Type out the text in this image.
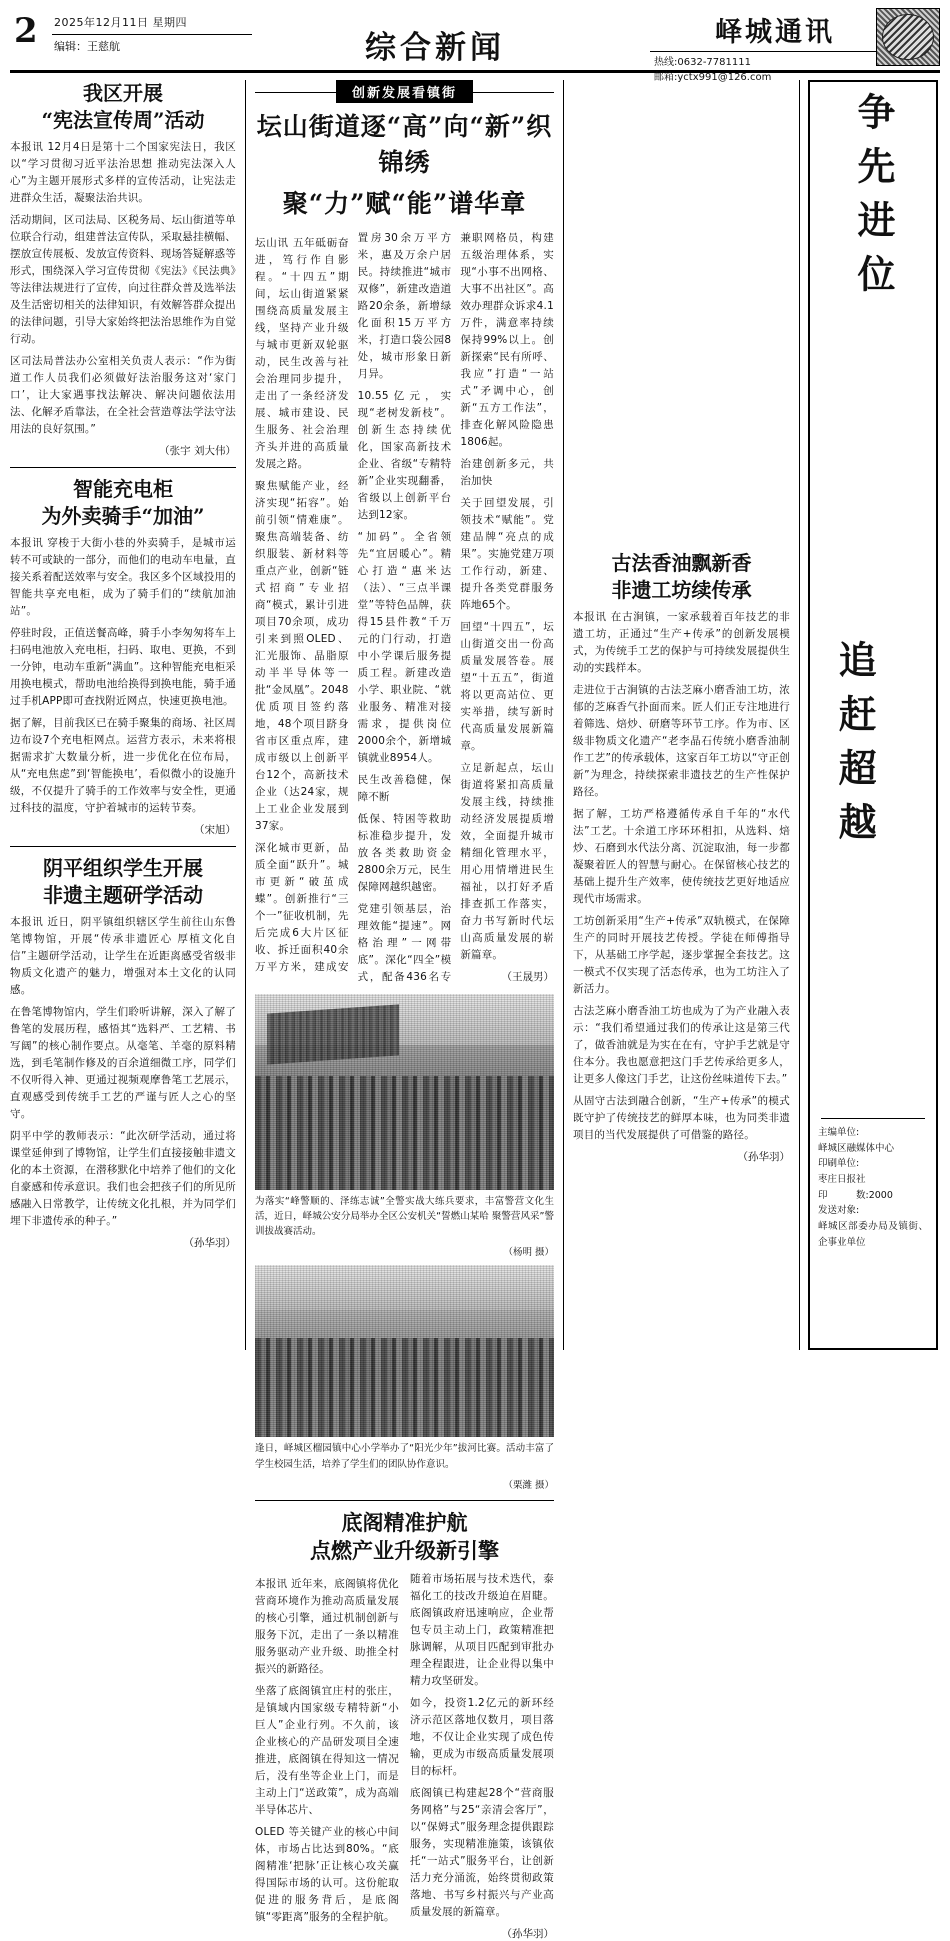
2 2025年12月11日 星期四
编辑：王慈航	综合新闻	峄城通讯
热线:0632-7781111
邮箱:yctx991@126.com
我区开展
“宪法宣传周”活动

本报讯 12月4日是第十二个国家宪法日，我区以“学习贯彻习近平法治思想 推动宪法深入人心”为主题开展形式多样的宣传活动，让宪法走进群众生活，凝聚法治共识。

活动期间，区司法局、区税务局、坛山街道等单位联合行动，组建普法宣传队，采取悬挂横幅、摆放宣传展板、发放宣传资料、现场答疑解惑等形式，围绕深入学习宣传贯彻《宪法》《民法典》等法律法规进行了宣传，向过往群众普及选举法及生活密切相关的法律知识，有效解答群众提出的法律问题，引导大家始终把法治思维作为自觉行动。

区司法局普法办公室相关负责人表示：“作为街道工作人员我们必须做好法治服务这对‘家门口’，让大家遇事找法解决、解决问题依法用法、化解矛盾靠法，在全社会营造尊法学法守法用法的良好氛围。”

（张宇 刘大伟）
智能充电柜
为外卖骑手“加油”

本报讯 穿梭于大街小巷的外卖骑手，是城市运转不可或缺的一部分，而他们的电动车电量，直接关系着配送效率与安全。我区多个区域投用的智能共享充电柜，成为了骑手们的“续航加油站”。

停驻时段，正值送餐高峰，骑手小李匆匆将车上扫码电池放入充电柜，扫码、取电、更换，不到一分钟，电动车重新“满血”。这种智能充电柜采用换电模式，帮助电池给换得到换电能，骑手通过手机APP即可查找附近网点，快速更换电池。

据了解，目前我区已在骑手聚集的商场、社区周边布设7个充电柜网点。运营方表示，未来将根据需求扩大数量分析，进一步优化在位布局，从“充电焦虑”到‘智能换电’，看似微小的设施升级，不仅提升了骑手的工作效率与安全性，更通过科技的温度，守护着城市的运转节奏。

（宋旭）
阴平组织学生开展
非遗主题研学活动

本报讯 近日，阴平镇组织辖区学生前往山东鲁笔博物馆，开展“传承非遗匠心 厚植文化自信”主题研学活动，让学生在近距离感受省级非物质文化遗产的魅力，增强对本土文化的认同感。

在鲁笔博物馆内，学生们聆听讲解，深入了解了鲁笔的发展历程，感悟其“选料严、工艺精、书写阔”的核心制作要点。从毫笔、羊毫的原料精选，到毛笔制作修及的百余道细微工序，同学们不仅听得入神、更通过视频观摩鲁笔工艺展示，直观感受到传统手工艺的严谨与匠人之心的坚守。

阴平中学的教师表示：“此次研学活动，通过将课堂延伸到了博物馆，让学生们直接接触非遗文化的本土资源，在潜移默化中培养了他们的文化自豪感和传承意识。我们也会把孩子们的所见所感融入日常教学，让传统文化扎根，并为同学们埋下非遗传承的种子。”

（孙华羽）
创新发展看镇街
坛山街道逐“高”向“新”织锦绣
聚“力”赋“能”谱华章

坛山讯 五年砥砺奋进，笃行作自影程。“十四五”期间，坛山街道紧紧围绕高质量发展主线，坚持产业升级与城市更新双轮驱动，民生改善与社会治理同步提升，走出了一条经济发展、城市建设、民生服务、社会治理齐头并进的高质量发展之路。

聚焦赋能产业，经济实现“拓容”。始前引领“情难康”。聚焦高端装备、纺织服装、新材料等重点产业，创新“链式招商”专业招商“模式，累计引进项目70余项，成功引来到照OLED、汇光服饰、晶脂原动半半导体等一批“金凤凰”。2048优质项目签约落地，48个项目跻身省市区重点库，建成市级以上创新平台12个，高新技术企业（达24家，规上工业企业发展到37家。

深化城市更新，品质全面“跃升”。城市更新“破茧成蝶”。创新推行“三个一”征收机制，先后完成6大片区征收、拆迁面积40余万平方米，建成安置房30余万平方米，惠及万余户居民。持续推进“城市双修”，新建改造道路20余条，新增绿化面积15万平方米，打造口袋公园8处，城市形象日新月异。

10.55亿元，实现“老树发新枝”。创新生态持续优化，国家高新技术企业、省级“专精特新”企业实现翻番，省级以上创新平台达到12家。

“加码”。全省领先“宜居暖心”。精心打造“惠米达（法）、“三点半课堂”等特色品牌，获得15县件教“千万元的门行动，打造中小学课后服务提质工程。新建改造小学、职业院、“就业服务、精准对接需求，提供岗位2000余个，新增城镇就业8954人。

民生改善稳健，保障不断

低保、特困等救助标准稳步提升，发放各类救助资金2800余万元，民生保障网越织越密。

党建引领基层，治理效能“提速”。网格治理”一网带底”。深化“四全”模式，配备436名专兼职网格员，构建五级治理体系，实现“小事不出网格、大事不出社区”。高效办理群众诉求4.1万件，满意率持续保持99%以上。创新探索“民有所呼、我应”打造“一站式”矛调中心，创新“五方工作法”，排查化解风险隐患1806起。

治建创新多元，共治加快

关于回望发展，引领技术“赋能”。党建品牌“亮点的成果”。实施党建万项工作行动，新建、提升各类党群服务阵地65个。

回望“十四五”，坛山街道交出一份高质量发展答卷。展望“十五五”，街道将以更高站位、更实举措，续写新时代高质量发展新篇章。

立足新起点，坛山街道将紧扣高质量发展主线，持续推动经济发展提质增效，全面提升城市精细化管理水平，用心用情增进民生福祉，以打好矛盾排查抓工作落实，奋力书写新时代坛山高质量发展的崭新篇章。

（王晟男）

为落实“峰警顺的、泽练志诚”全警实战大练兵要求，丰富警营文化生活，近日，峄城公安分局举办全区公安机关“誓燃山某哈 聚警营风采”警训拔战赛活动。

（杨明 摄）

逢日，峄城区榴园镇中心小学举办了“阳光少年”拔河比赛。活动丰富了学生校园生活，培养了学生们的团队协作意识。

（栗潍 摄）
底阁精准护航
点燃产业升级新引擎

本报讯 近年来，底阁镇将优化营商环境作为推动高质量发展的核心引擎，通过机制创新与服务下沉，走出了一条以精准服务驱动产业升级、助推全村振兴的新路径。

坐落了底阁镇宜庄村的张庄，是镇域内国家级专精特新“小巨人”企业行列。不久前，该企业核心的产品研发项目全速推进，底阁镇在得知这一情况后，没有坐等企业上门，而是主动上门“送政策”，成为高端半导体芯片、

OLED 等关键产业的核心中间体，市场占比达到80%。“底阁精准‘把脉’正让核心攻关赢得国际市场的认可。这份舵取促进的服务背后，是底阁镇“零距离”服务的全程护航。

随着市场拓展与技术迭代，泰福化工的技改升级迫在眉睫。底阁镇政府迅速响应，企业帮包专员主动上门，政策精准把脉调解，从项目匹配到审批办理全程跟进，让企业得以集中精力攻坚研发。

如今，投资1.2亿元的新环经济示范区落地仅数月，项目落地，不仅让企业实现了成色传输，更成为市级高质量发展项目的标杆。

底阁镇已构建起28个“营商服务网格”与25“亲清会客厅”，以“保姆式”服务理念提供跟踪服务，实现精准施策，该镇依托“一站式”服务平台，让创新活力充分涌流，始终贯彻政策落地、书写乡村振兴与产业高质量发展的新篇章。

（孙华羽）
古法香油飘新香
非遗工坊续传承

本报讯 在古涧镇，一家承载着百年技艺的非遗工坊，正通过“生产+传承”的创新发展模式，为传统手工艺的保护与可持续发展提供生动的实践样本。

走进位于古涧镇的古法芝麻小磨香油工坊，浓郁的芝麻香气扑面而来。匠人们正专注地进行着筛选、焙炒、研磨等环节工序。作为市、区级非物质文化遗产“老李晶石传统小磨香油制作工艺”的传承载体，这家百年工坊以“守正创新”为理念，持续探索非遗技艺的生产性保护路径。

据了解，工坊严格遵循传承自千年的“水代法”工艺。十余道工序环环相扣，从选料、焙炒、石磨到水代法分离、沉淀取油，每一步都凝聚着匠人的智慧与耐心。在保留核心技艺的基础上提升生产效率，使传统技艺更好地适应现代市场需求。

工坊创新采用“生产+传承”双轨模式，在保障生产的同时开展技艺传授。学徒在师傅指导下，从基础工序学起，逐步掌握全套技艺。这一模式不仅实现了活态传承，也为工坊注入了新活力。

古法芝麻小磨香油工坊也成为了为产业融入表示：“我们希望通过我们的传承让这是第三代了，做香油就是为实在在有，守护手艺就是守住本分。我也愿意把这门手艺传承给更多人，让更多人像这门手艺，让这份丝味道传下去。”

从固守古法到融合创新，“生产+传承”的模式既守护了传统技艺的鲜厚本味，也为同类非遗项目的当代发展提供了可借鉴的路径。

（孙华羽）
争先进位
主编单位:
峄城区融媒体中心
印刷单位:
枣庄日报社
印　　　数:2000
发送对象:
峄城区部委办局及镇街、企事业单位
追赶超越
